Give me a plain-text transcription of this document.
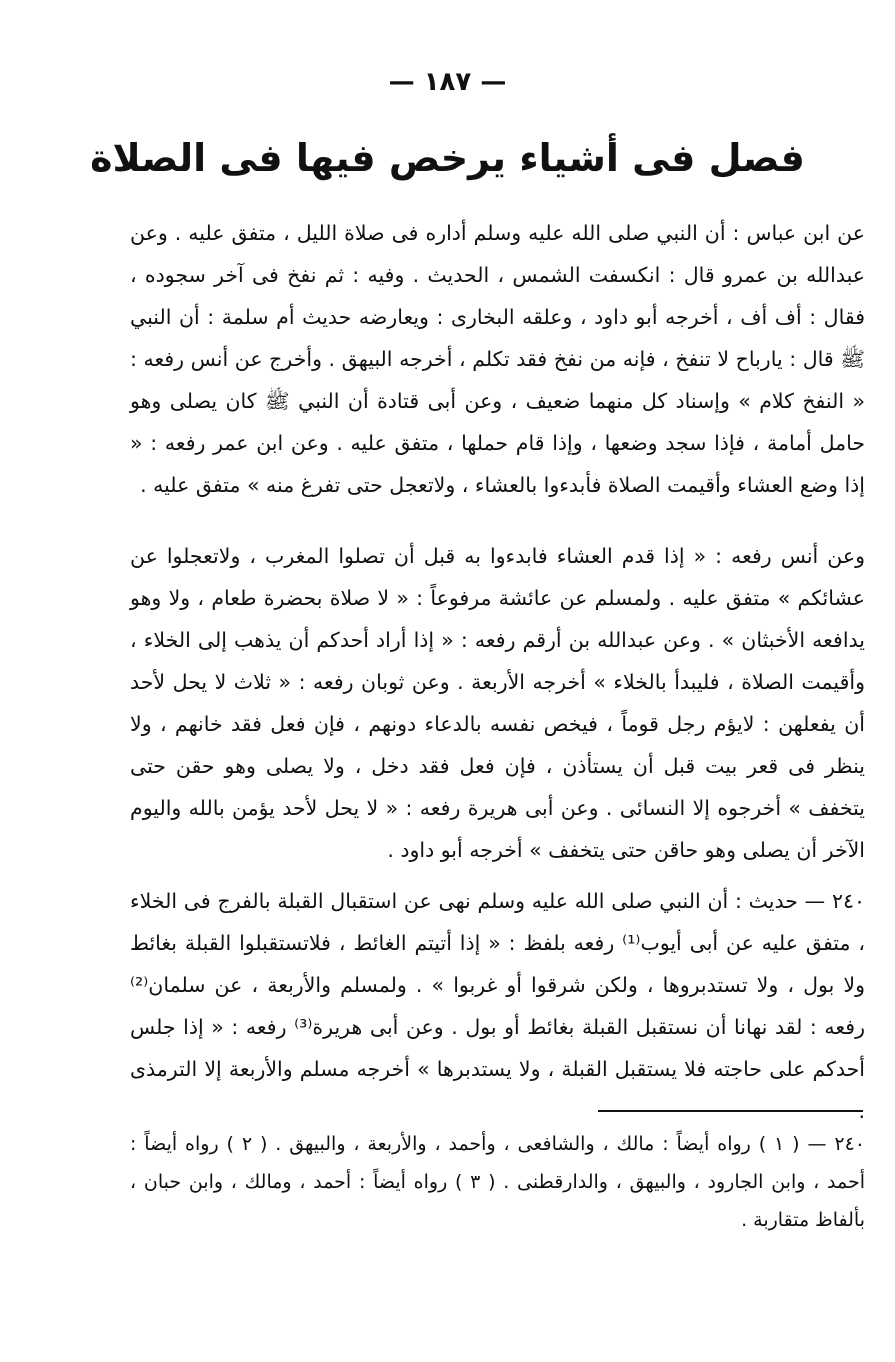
— ١٨٧ —
فصل فى أشياء يرخص فيها فى الصلاة

عن ابن عباس : أن النبي صلى الله عليه وسلم أداره فى صلاة الليل ، متفق عليه . وعن عبدالله بن عمرو قال : انكسفت الشمس ، الحديث . وفيه : ثم نفخ فى آخر سجوده ، فقال : أف أف ، أخرجه أبو داود ، وعلقه البخارى : ويعارضه حديث أم سلمة : أن النبي ﷺ قال : يارباح لا تنفخ ، فإنه من نفخ فقد تكلم ، أخرجه البيهق . وأخرج عن أنس رفعه : « النفخ كلام » وإسناد كل منهما ضعيف ، وعن أبى قتادة أن النبي ﷺ كان يصلى وهو حامل أمامة ، فإذا سجد وضعها ، وإذا قام حملها ، متفق عليه . وعن ابن عمر رفعه : « إذا وضع العشاء وأقيمت الصلاة فأبدءوا بالعشاء ، ولاتعجل حتى تفرغ منه » متفق عليه .

وعن أنس رفعه : « إذا قدم العشاء فابدءوا به قبل أن تصلوا المغرب ، ولاتعجلوا عن عشائكم » متفق عليه . ولمسلم عن عائشة مرفوعاً : « لا صلاة بحضرة طعام ، ولا وهو يدافعه الأخبثان » . وعن عبدالله بن أرقم رفعه : « إذا أراد أحدكم أن يذهب إلى الخلاء ، وأقيمت الصلاة ، فليبدأ بالخلاء » أخرجه الأربعة . وعن ثوبان رفعه : « ثلاث لا يحل لأحد أن يفعلهن : لايؤم رجل قوماً ، فيخص نفسه بالدعاء دونهم ، فإن فعل فقد خانهم ، ولا ينظر فى قعر بيت قبل أن يستأذن ، فإن فعل فقد دخل ، ولا يصلى وهو حقن حتى يتخفف » أخرجوه إلا النسائى . وعن أبى هريرة رفعه : « لا يحل لأحد يؤمن بالله واليوم الآخر أن يصلى وهو حاقن حتى يتخفف » أخرجه أبو داود .

٢٤٠ — حديث : أن النبي صلى الله عليه وسلم نهى عن استقبال القبلة بالفرج فى الخلاء ، متفق عليه عن أبى أيوب⁽¹⁾ رفعه بلفظ : « إذا أتيتم الغائط ، فلاتستقبلوا القبلة بغائط ولا بول ، ولا تستدبروها ، ولكن شرقوا أو غربوا » . ولمسلم والأربعة ، عن سلمان⁽²⁾ رفعه : لقد نهانا أن نستقبل القبلة بغائط أو بول . وعن أبى هريرة⁽³⁾ رفعه : « إذا جلس أحدكم على حاجته فلا يستقبل القبلة ، ولا يستدبرها » أخرجه مسلم والأربعة إلا الترمذى .

٢٤٠ — ( ١ ) رواه أيضاً : مالك ، والشافعى ، وأحمد ، والأربعة ، والبيهق . ( ٢ ) رواه أيضاً : أحمد ، وابن الجارود ، والبيهق ، والدارقطنى . ( ٣ ) رواه أيضاً : أحمد ، ومالك ، وابن حبان ، بألفاظ متقاربة .
